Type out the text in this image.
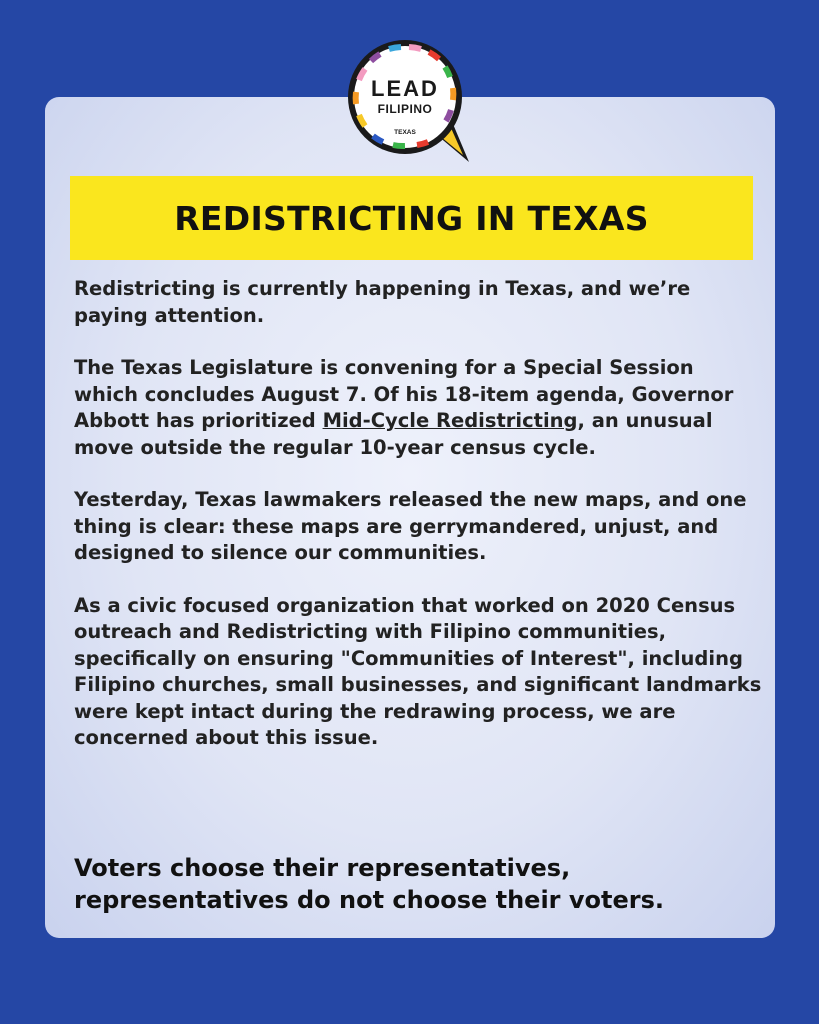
LEAD
FILIPINO
TEXAS
REDISTRICTING IN TEXAS

Redistricting is currently happening in Texas, and we’re paying attention.

The Texas Legislature is convening for a Special Session which concludes August 7. Of his 18-item agenda, Governor Abbott has prioritized Mid-Cycle Redistricting, an unusual move outside the regular 10-year census cycle.

Yesterday, Texas lawmakers released the new maps, and one thing is clear: these maps are gerrymandered, unjust, and designed to silence our communities.

As a civic focused organization that worked on 2020 Census outreach and Redistricting with Filipino communities, specifically on ensuring "Communities of Interest", including Filipino churches, small businesses, and significant landmarks were kept intact during the redrawing process, we are concerned about this issue.

Voters choose their representatives, representatives do not choose their voters.
